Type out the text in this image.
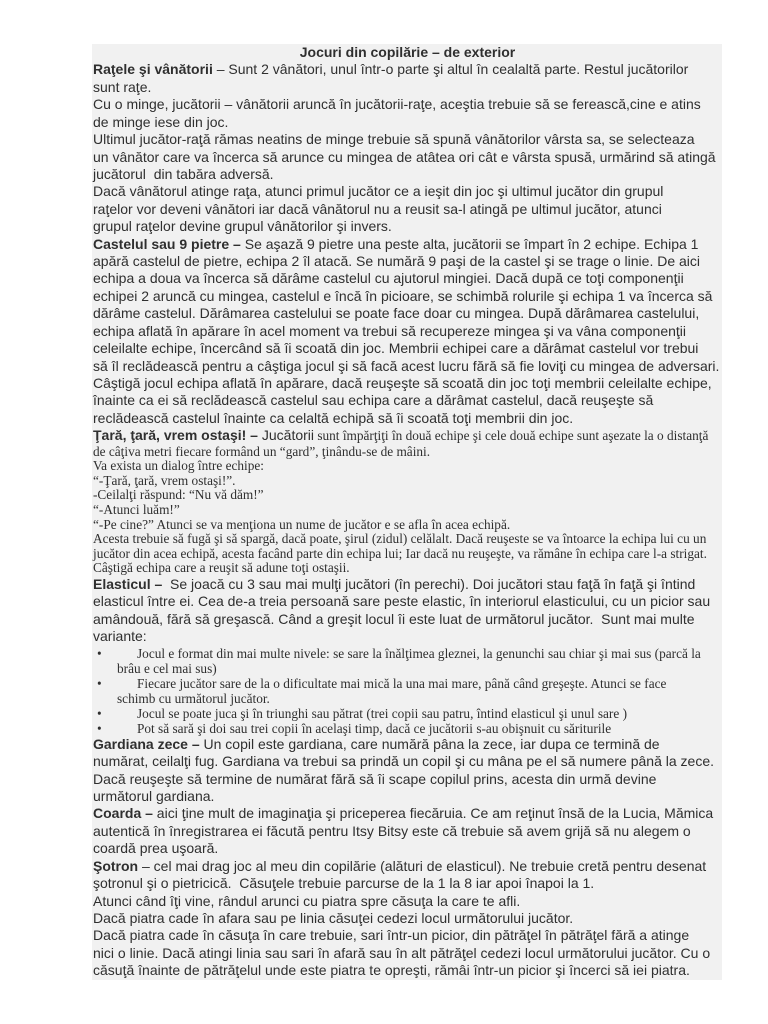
Jocuri din copilărie – de exterior
Raţele şi vânătorii – Sunt 2 vânători, unul într-o parte şi altul în cealaltă parte. Restul jucătorilor
sunt raţe.
Cu o minge, jucătorii – vânătorii aruncă în jucătorii-raţe, aceştia trebuie să se ferească,cine e atins
de minge iese din joc.
Ultimul jucător-raţă rămas neatins de minge trebuie să spună vânătorilor vârsta sa, se selecteaza
un vânător care va încerca să arunce cu mingea de atâtea ori cât e vârsta spusă, urmărind să atingă
jucătorul  din tabăra adversă.
Dacă vânătorul atinge raţa, atunci primul jucător ce a ieşit din joc şi ultimul jucător din grupul
raţelor vor deveni vânători iar dacă vânătorul nu a reusit sa-l atingă pe ultimul jucător, atunci
grupul raţelor devine grupul vânătorilor şi invers.
Castelul sau 9 pietre – Se aşază 9 pietre una peste alta, jucătorii se împart în 2 echipe. Echipa 1
apără castelul de pietre, echipa 2 îl atacă. Se numără 9 paşi de la castel şi se trage o linie. De aici
echipa a doua va încerca să dărâme castelul cu ajutorul mingiei. Dacă după ce toţi componenţii
echipei 2 aruncă cu mingea, castelul e încă în picioare, se schimbă rolurile şi echipa 1 va încerca să
dărâme castelul. Dărâmarea castelului se poate face doar cu mingea. După dărâmarea castelului,
echipa aflată în apărare în acel moment va trebui să recupereze mingea şi va vâna componenţii
celeilalte echipe, încercând să îi scoată din joc. Membrii echipei care a dărâmat castelul vor trebui
să îl reclădească pentru a câştiga jocul şi să facă acest lucru fără să fie loviţi cu mingea de adversari.
Câştigă jocul echipa aflată în apărare, dacă reuşeşte să scoată din joc toţi membrii celeilalte echipe,
înainte ca ei să reclădească castelul sau echipa care a dărâmat castelul, dacă reuşeşte să
reclădească castelul înainte ca celaltă echipă să îi scoată toţi membrii din joc.
Ţară, ţară, vrem ostaşi! – Jucătorii sunt împărţiţi în două echipe şi cele două echipe sunt aşezate la o distanţă
de câţiva metri fiecare formând un “gard”, ţinându-se de mâini.
Va exista un dialog între echipe:
“-Ţară, ţară, vrem ostaşi!”.
-Ceilalţi răspund: “Nu vă dăm!”
“-Atunci luăm!”
“-Pe cine?” Atunci se va menţiona un nume de jucător e se afla în acea echipă.
Acesta trebuie să fugă şi să spargă, dacă poate, şirul (zidul) celălalt. Dacă reuşeste se va întoarce la echipa lui cu un
jucător din acea echipă, acesta facând parte din echipa lui; Iar dacă nu reuşeşte, va rămâne în echipa care l-a strigat.
Câştigă echipa care a reuşit să adune toţi ostaşii.
Elasticul –  Se joacă cu 3 sau mai mulţi jucători (în perechi). Doi jucători stau faţă în faţă şi întind
elasticul între ei. Cea de-a treia persoană sare peste elastic, în interiorul elasticului, cu un picior sau
amândouă, fără să greşască. Când a greşit locul îi este luat de următorul jucător.  Sunt mai multe
variante:
•	Jocul e format din mai multe nivele: se sare la înălţimea gleznei, la genunchi sau chiar şi mai sus (parcă la
brâu e cel mai sus)
•	Fiecare jucător sare de la o dificultate mai mică la una mai mare, până când greşeşte. Atunci se face
schimb cu următorul jucător.
•	Jocul se poate juca şi în triunghi sau pătrat (trei copii sau patru, întind elasticul şi unul sare )
•	Pot să sară şi doi sau trei copii în acelaşi timp, dacă ce jucătorii s-au obişnuit cu săriturile
Gardiana zece – Un copil este gardiana, care numără pâna la zece, iar dupa ce termină de
numărat, ceilalţi fug. Gardiana va trebui sa prindă un copil şi cu mâna pe el să numere până la zece.
Dacă reuşeşte să termine de numărat fără să îi scape copilul prins, acesta din urmă devine
următorul gardiana.
Coarda – aici ţine mult de imaginaţia şi priceperea fiecăruia. Ce am reţinut însă de la Lucia, Mămica
autentică în înregistrarea ei făcută pentru Itsy Bitsy este că trebuie să avem grijă să nu alegem o
coardă prea uşoară.
Şotron – cel mai drag joc al meu din copilărie (alături de elasticul). Ne trebuie cretă pentru desenat
şotronul şi o pietricică.  Căsuţele trebuie parcurse de la 1 la 8 iar apoi înapoi la 1.
Atunci când îţi vine, rândul arunci cu piatra spre căsuţa la care te afli.
Dacă piatra cade în afara sau pe linia căsuţei cedezi locul următorului jucător.
Dacă piatra cade în căsuţa în care trebuie, sari într-un picior, din pătrăţel în pătrăţel fără a atinge
nici o linie. Dacă atingi linia sau sari în afară sau în alt pătrăţel cedezi locul următorului jucător. Cu o
căsuţă înainte de pătrăţelul unde este piatra te opreşti, rămâi într-un picior şi încerci să iei piatra.
